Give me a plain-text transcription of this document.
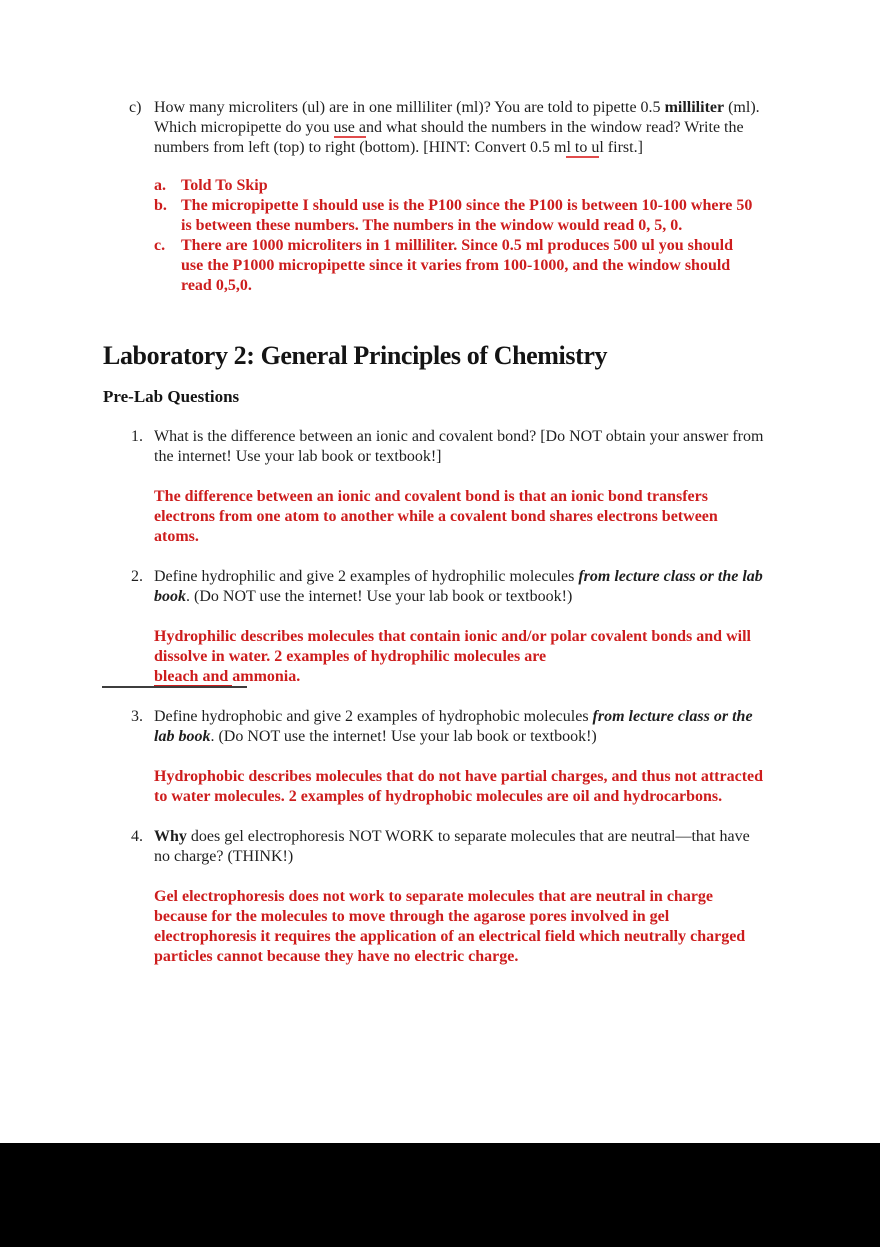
c) How many microliters (ul) are in one milliliter (ml)? You are told to pipette 0.5 milliliter (ml). Which micropipette do you use and what should the numbers in the window read? Write the numbers from left (top) to right (bottom). [HINT: Convert 0.5 ml to ul first.]

a. Told To Skip

b. The micropipette I should use is the P100 since the P100 is between 10-100 where 50 is between these numbers. The numbers in the window would read 0, 5, 0.

c. There are 1000 microliters in 1 milliliter. Since 0.5 ml produces 500 ul you should use the P1000 micropipette since it varies from 100-1000, and the window should read 0,5,0.

Laboratory 2: General Principles of Chemistry
Pre-Lab Questions
1. What is the difference between an ionic and covalent bond? [Do NOT obtain your answer from the internet! Use your lab book or textbook!]

The difference between an ionic and covalent bond is that an ionic bond transfers electrons from one atom to another while a covalent bond shares electrons between atoms.

2. Define hydrophilic and give 2 examples of hydrophilic molecules from lecture class or the lab book. (Do NOT use the internet! Use your lab book or textbook!)

Hydrophilic describes molecules that contain ionic and/or polar covalent bonds and will dissolve in water. 2 examples of hydrophilic molecules are
bleach and ammonia.

3. Define hydrophobic and give 2 examples of hydrophobic molecules from lecture class or the lab book. (Do NOT use the internet! Use your lab book or textbook!)

Hydrophobic describes molecules that do not have partial charges, and thus not attracted to water molecules. 2 examples of hydrophobic molecules are oil and hydrocarbons.

4. Why does gel electrophoresis NOT WORK to separate molecules that are neutral—that have no charge? (THINK!)

Gel electrophoresis does not work to separate molecules that are neutral in charge because for the molecules to move through the agarose pores involved in gel electrophoresis it requires the application of an electrical field which neutrally charged particles cannot because they have no electric charge.
